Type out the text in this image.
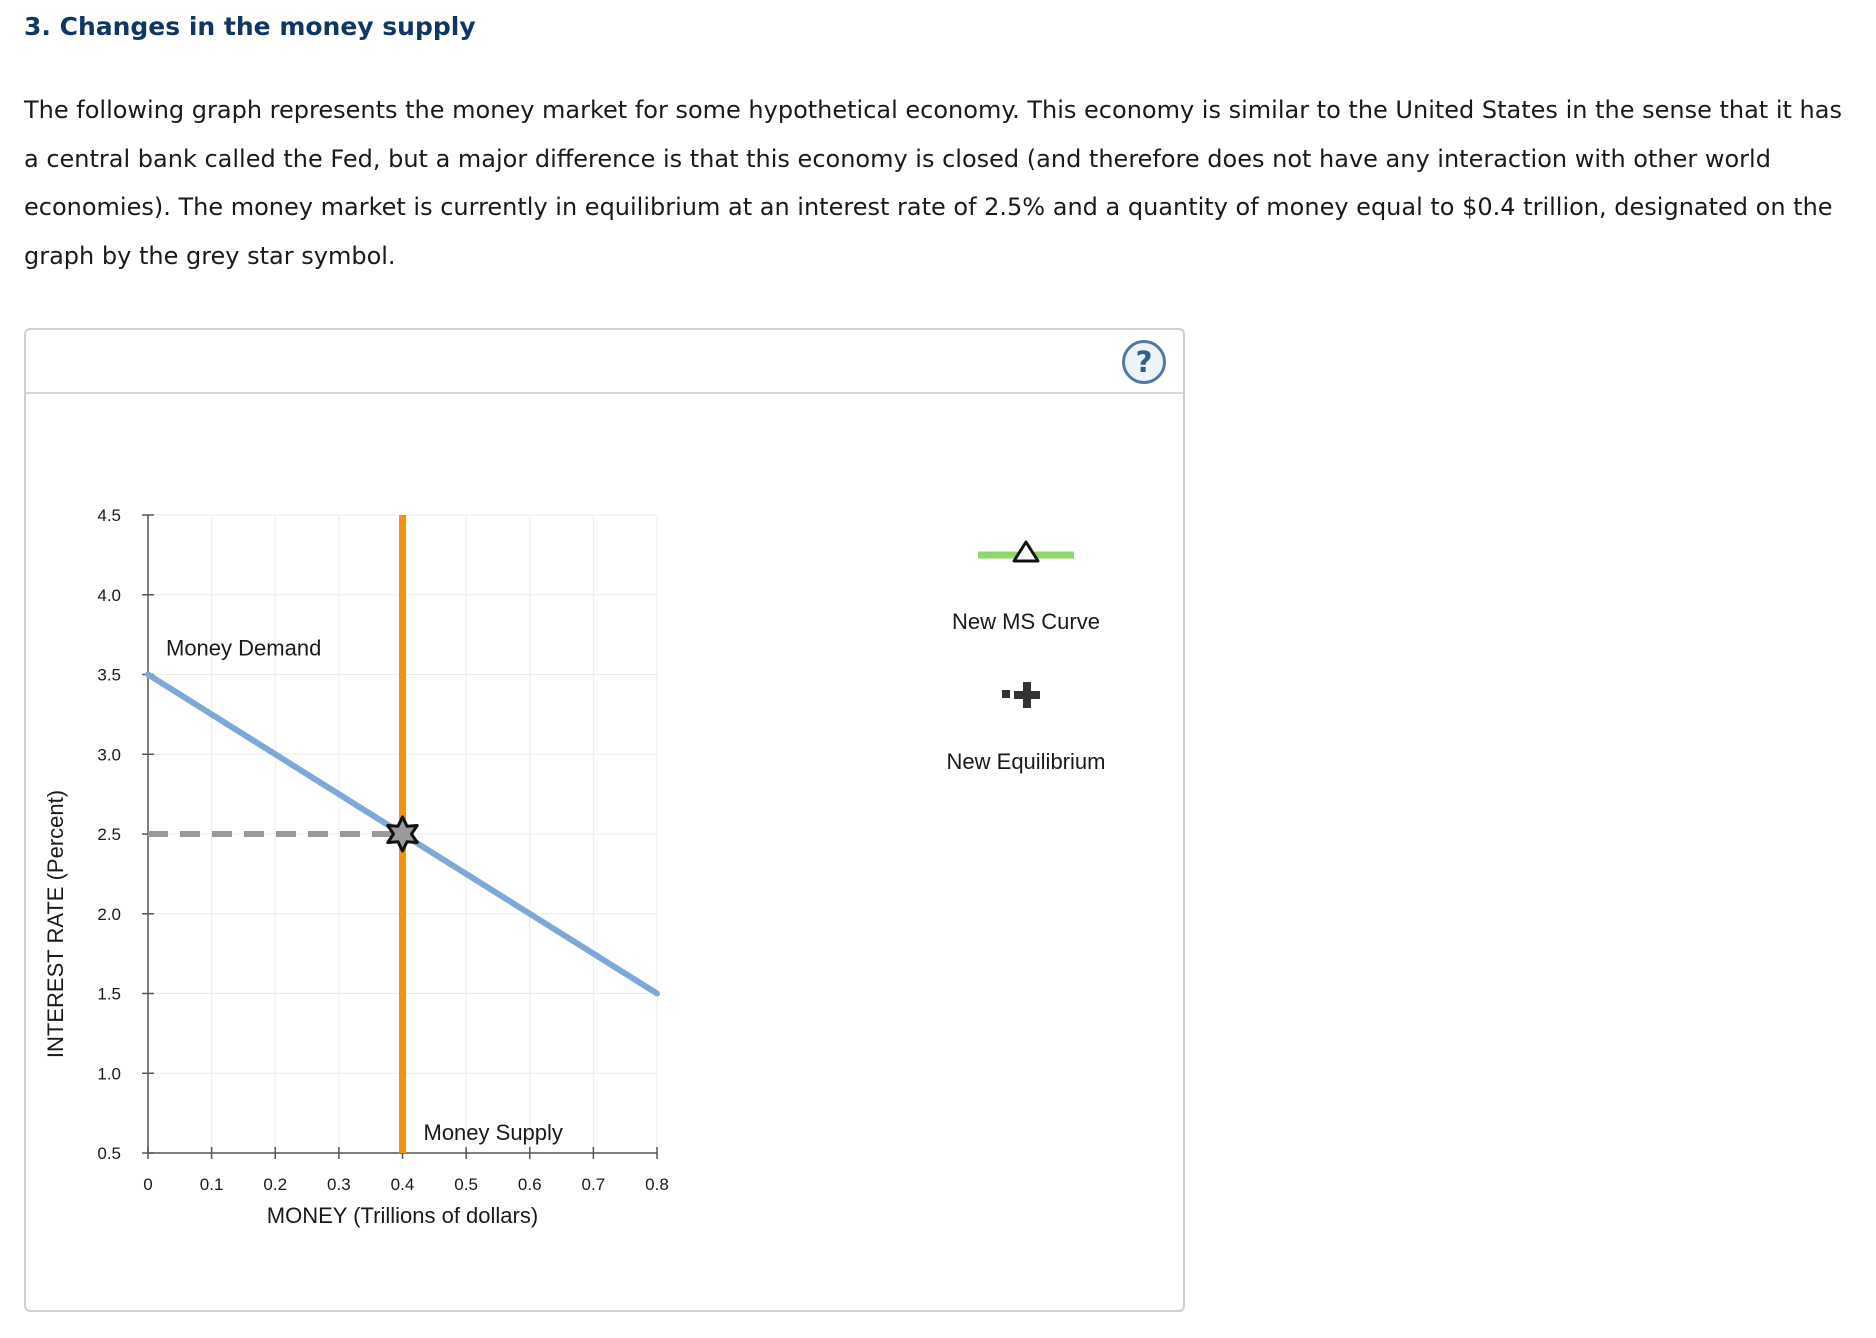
3. Changes in the money supply

The following graph represents the money market for some hypothetical economy. This economy is similar to the United States in the sense that it has a central bank called the Fed, but a major difference is that this economy is closed (and therefore does not have any interaction with other world economies). The money market is currently in equilibrium at an interest rate of 2.5% and a quantity of money equal to $0.4 trillion, designated on the graph by the grey star symbol.

?
0	0.1 0.2 0.3 0.4 0.5 0.6 0.7 0.8
0.5
1.0
1.5
2.0
2.5
3.0
3.5
4.0
4.5
MONEY (Trillions of dollars)
INTEREST RATE (Percent)
Money Demand
Money Supply
New MS Curve
New Equilibrium
